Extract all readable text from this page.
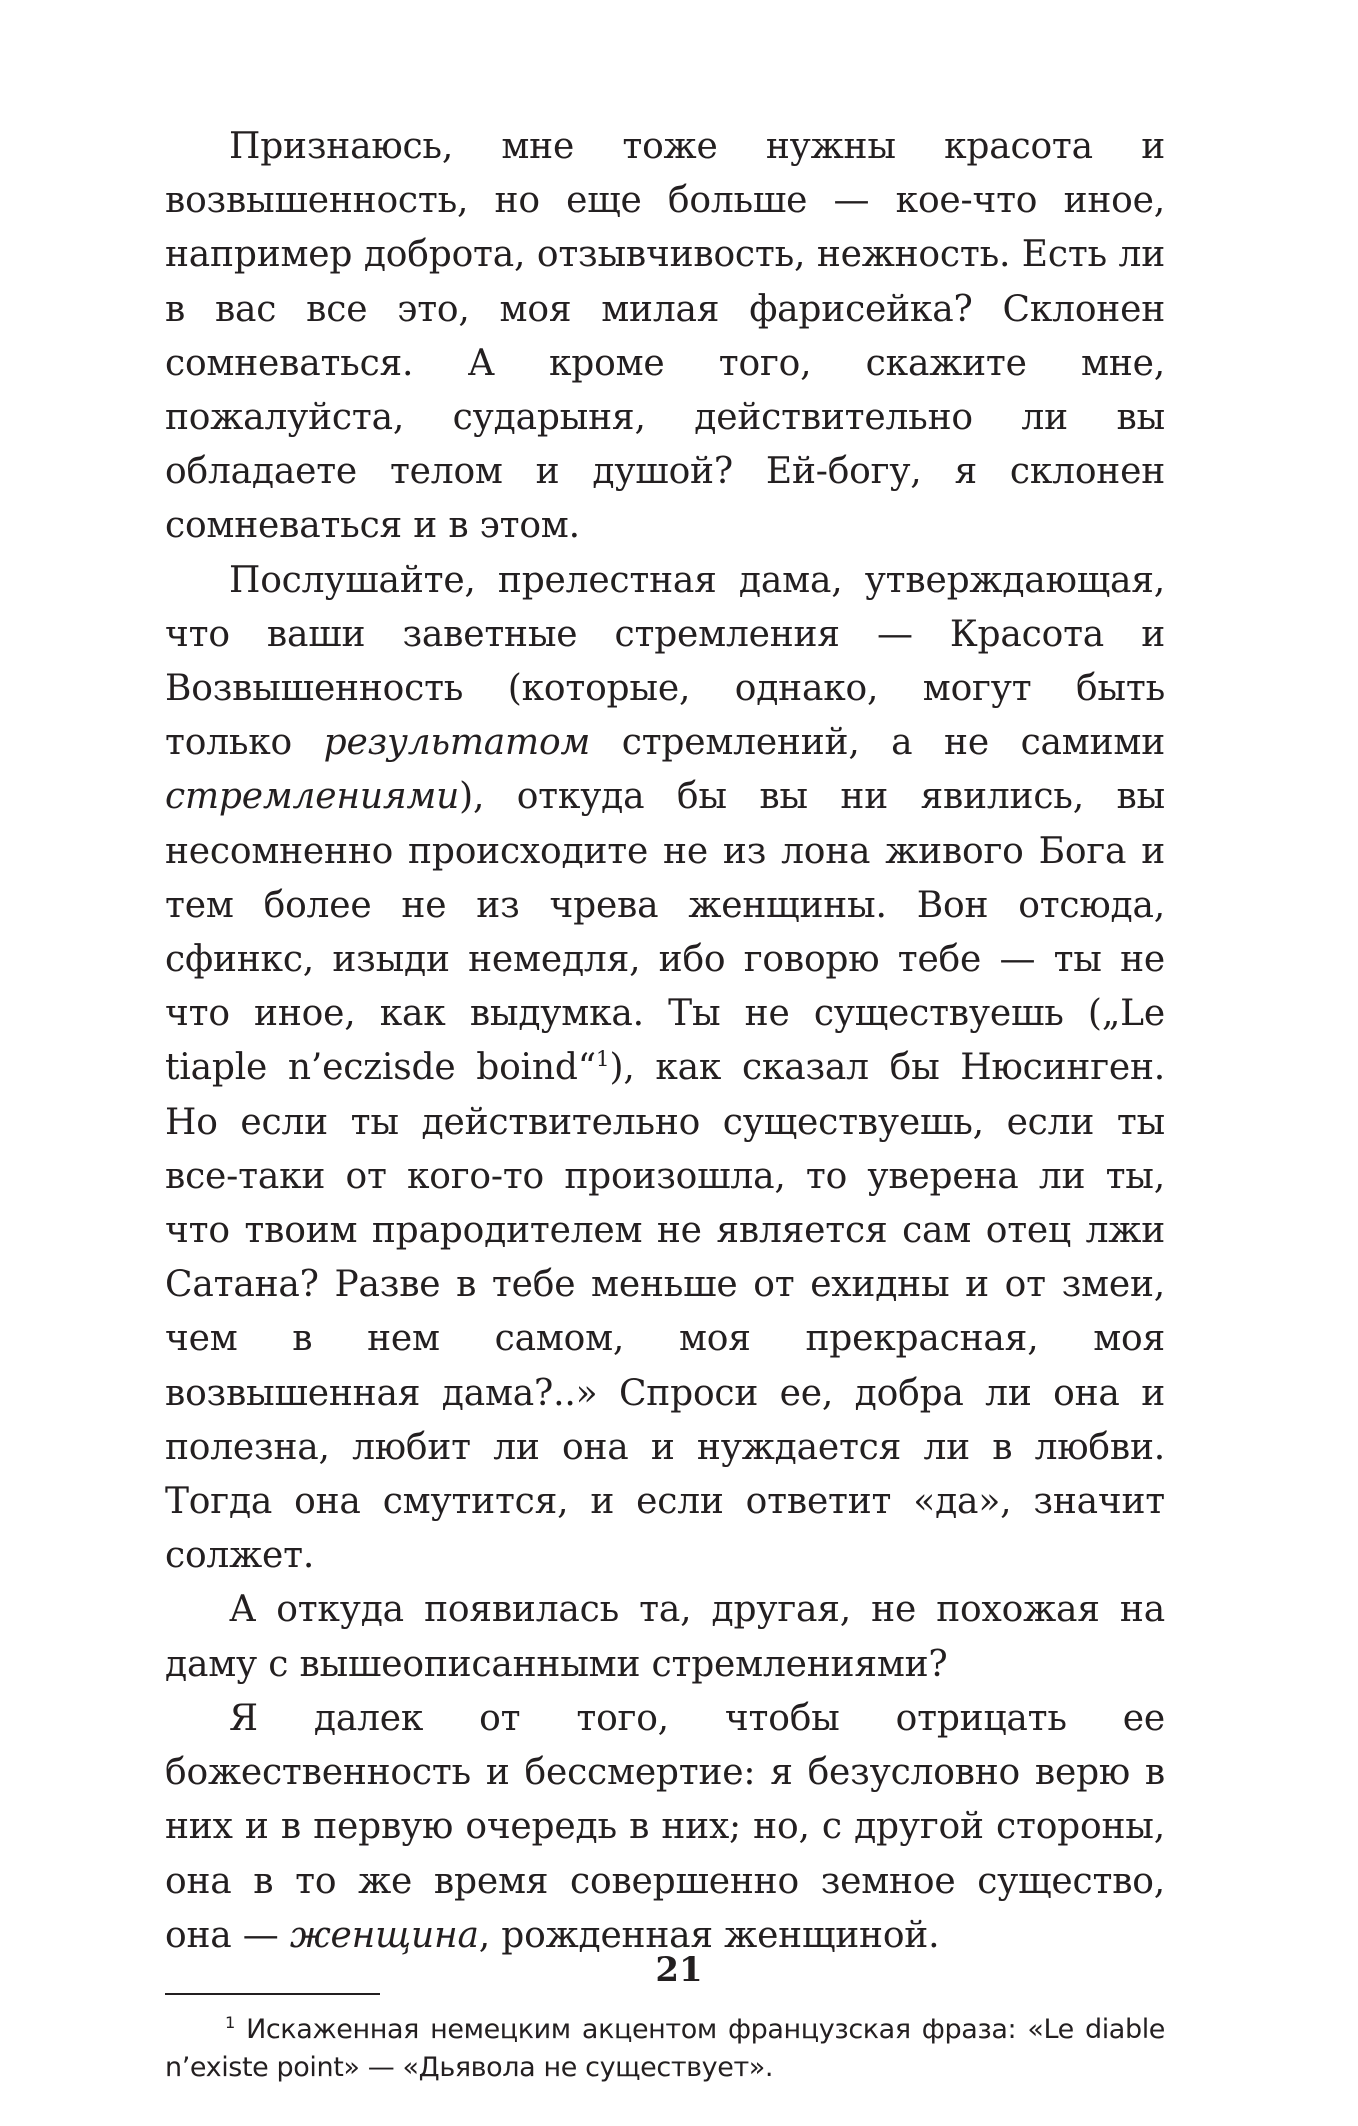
Признаюсь, мне тоже нужны красота и возвышенность, но еще больше — кое-что иное, например доброта, отзывчивость, нежность. Есть ли в вас все это, моя милая фарисейка? Склонен сомневаться. А кроме того, скажите мне, пожалуйста, сударыня, действительно ли вы обладаете телом и душой? Ей-богу, я склонен сомневаться и в этом.

Послушайте, прелестная дама, утверждающая, что ваши заветные стремления — Красота и Возвышенность (которые, однако, могут быть только результатом стремлений, а не самими стремлениями), откуда бы вы ни явились, вы несомненно происходите не из лона живого Бога и тем более не из чрева женщины. Вон отсюда, сфинкс, изыди немедля, ибо говорю тебе — ты не что иное, как выдумка. Ты не существуешь („Le tiaple n’eczisde boind“$^1$), как сказал бы Нюсинген. Но если ты действительно существуешь, если ты все-таки от кого-то произошла, то уверена ли ты, что твоим прародителем не является сам отец лжи Сатана? Разве в тебе меньше от ехидны и от змеи, чем в нем самом, моя прекрасная, моя возвышенная дама?..» Спроси ее, добра ли она и полезна, любит ли она и нуждается ли в любви. Тогда она смутится, и если ответит «да», значит солжет.

А откуда появилась та, другая, не похожая на даму с вышеописанными стремлениями?

Я далек от того, чтобы отрицать ее божественность и бессмертие: я безусловно верю в них и в первую очередь в них; но, с другой стороны, она в то же время совершенно земное существо, она — женщина, рожденная женщиной.

$^1$ Искаженная немецким акцентом французская фраза: «Le diable n’existe point» — «Дьявола не существует».

21
